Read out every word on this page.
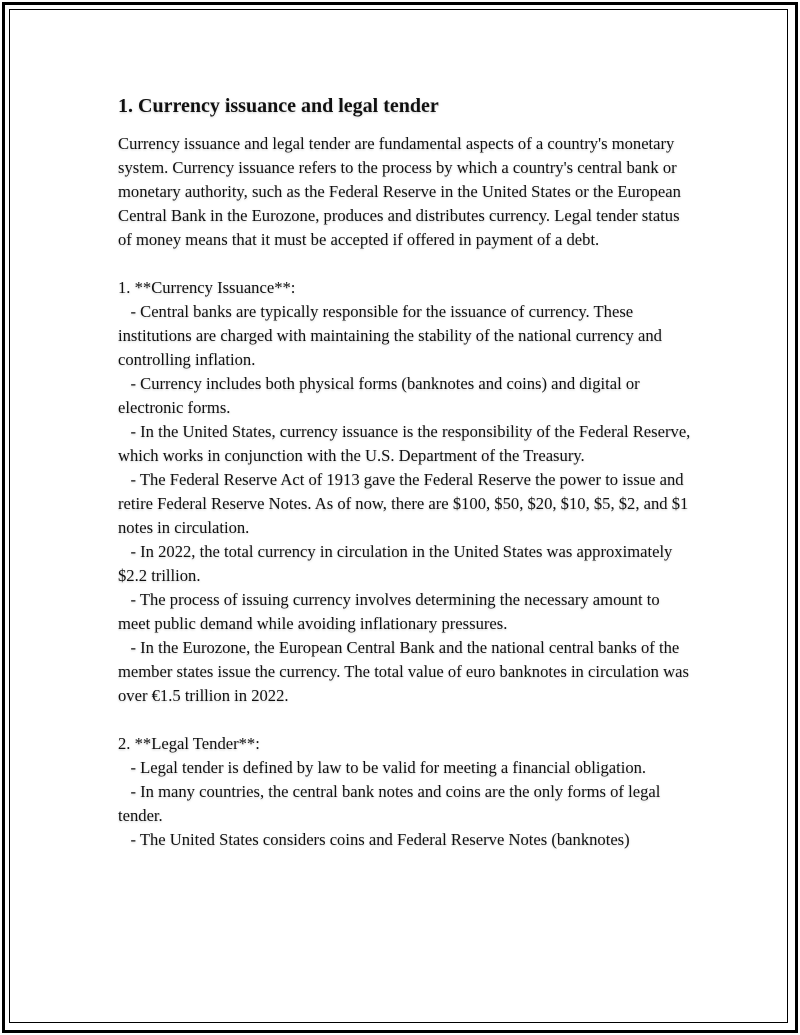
1. Currency issuance and legal tender

Currency issuance and legal tender are fundamental aspects of a country's monetary system. Currency issuance refers to the process by which a country's central bank or monetary authority, such as the Federal Reserve in the United States or the European Central Bank in the Eurozone, produces and distributes currency. Legal tender status of money means that it must be accepted if offered in payment of a debt.

1. **Currency Issuance**:
- Central banks are typically responsible for the issuance of currency. These institutions are charged with maintaining the stability of the national currency and controlling inflation.
- Currency includes both physical forms (banknotes and coins) and digital or electronic forms.
- In the United States, currency issuance is the responsibility of the Federal Reserve, which works in conjunction with the U.S. Department of the Treasury.
- The Federal Reserve Act of 1913 gave the Federal Reserve the power to issue and retire Federal Reserve Notes. As of now, there are $100, $50, $20, $10, $5, $2, and $1 notes in circulation.
- In 2022, the total currency in circulation in the United States was approximately $2.2 trillion.
- The process of issuing currency involves determining the necessary amount to meet public demand while avoiding inflationary pressures.
- In the Eurozone, the European Central Bank and the national central banks of the member states issue the currency. The total value of euro banknotes in circulation was over €1.5 trillion in 2022.

2. **Legal Tender**:
- Legal tender is defined by law to be valid for meeting a financial obligation.
- In many countries, the central bank notes and coins are the only forms of legal tender.
- The United States considers coins and Federal Reserve Notes (banknotes)
